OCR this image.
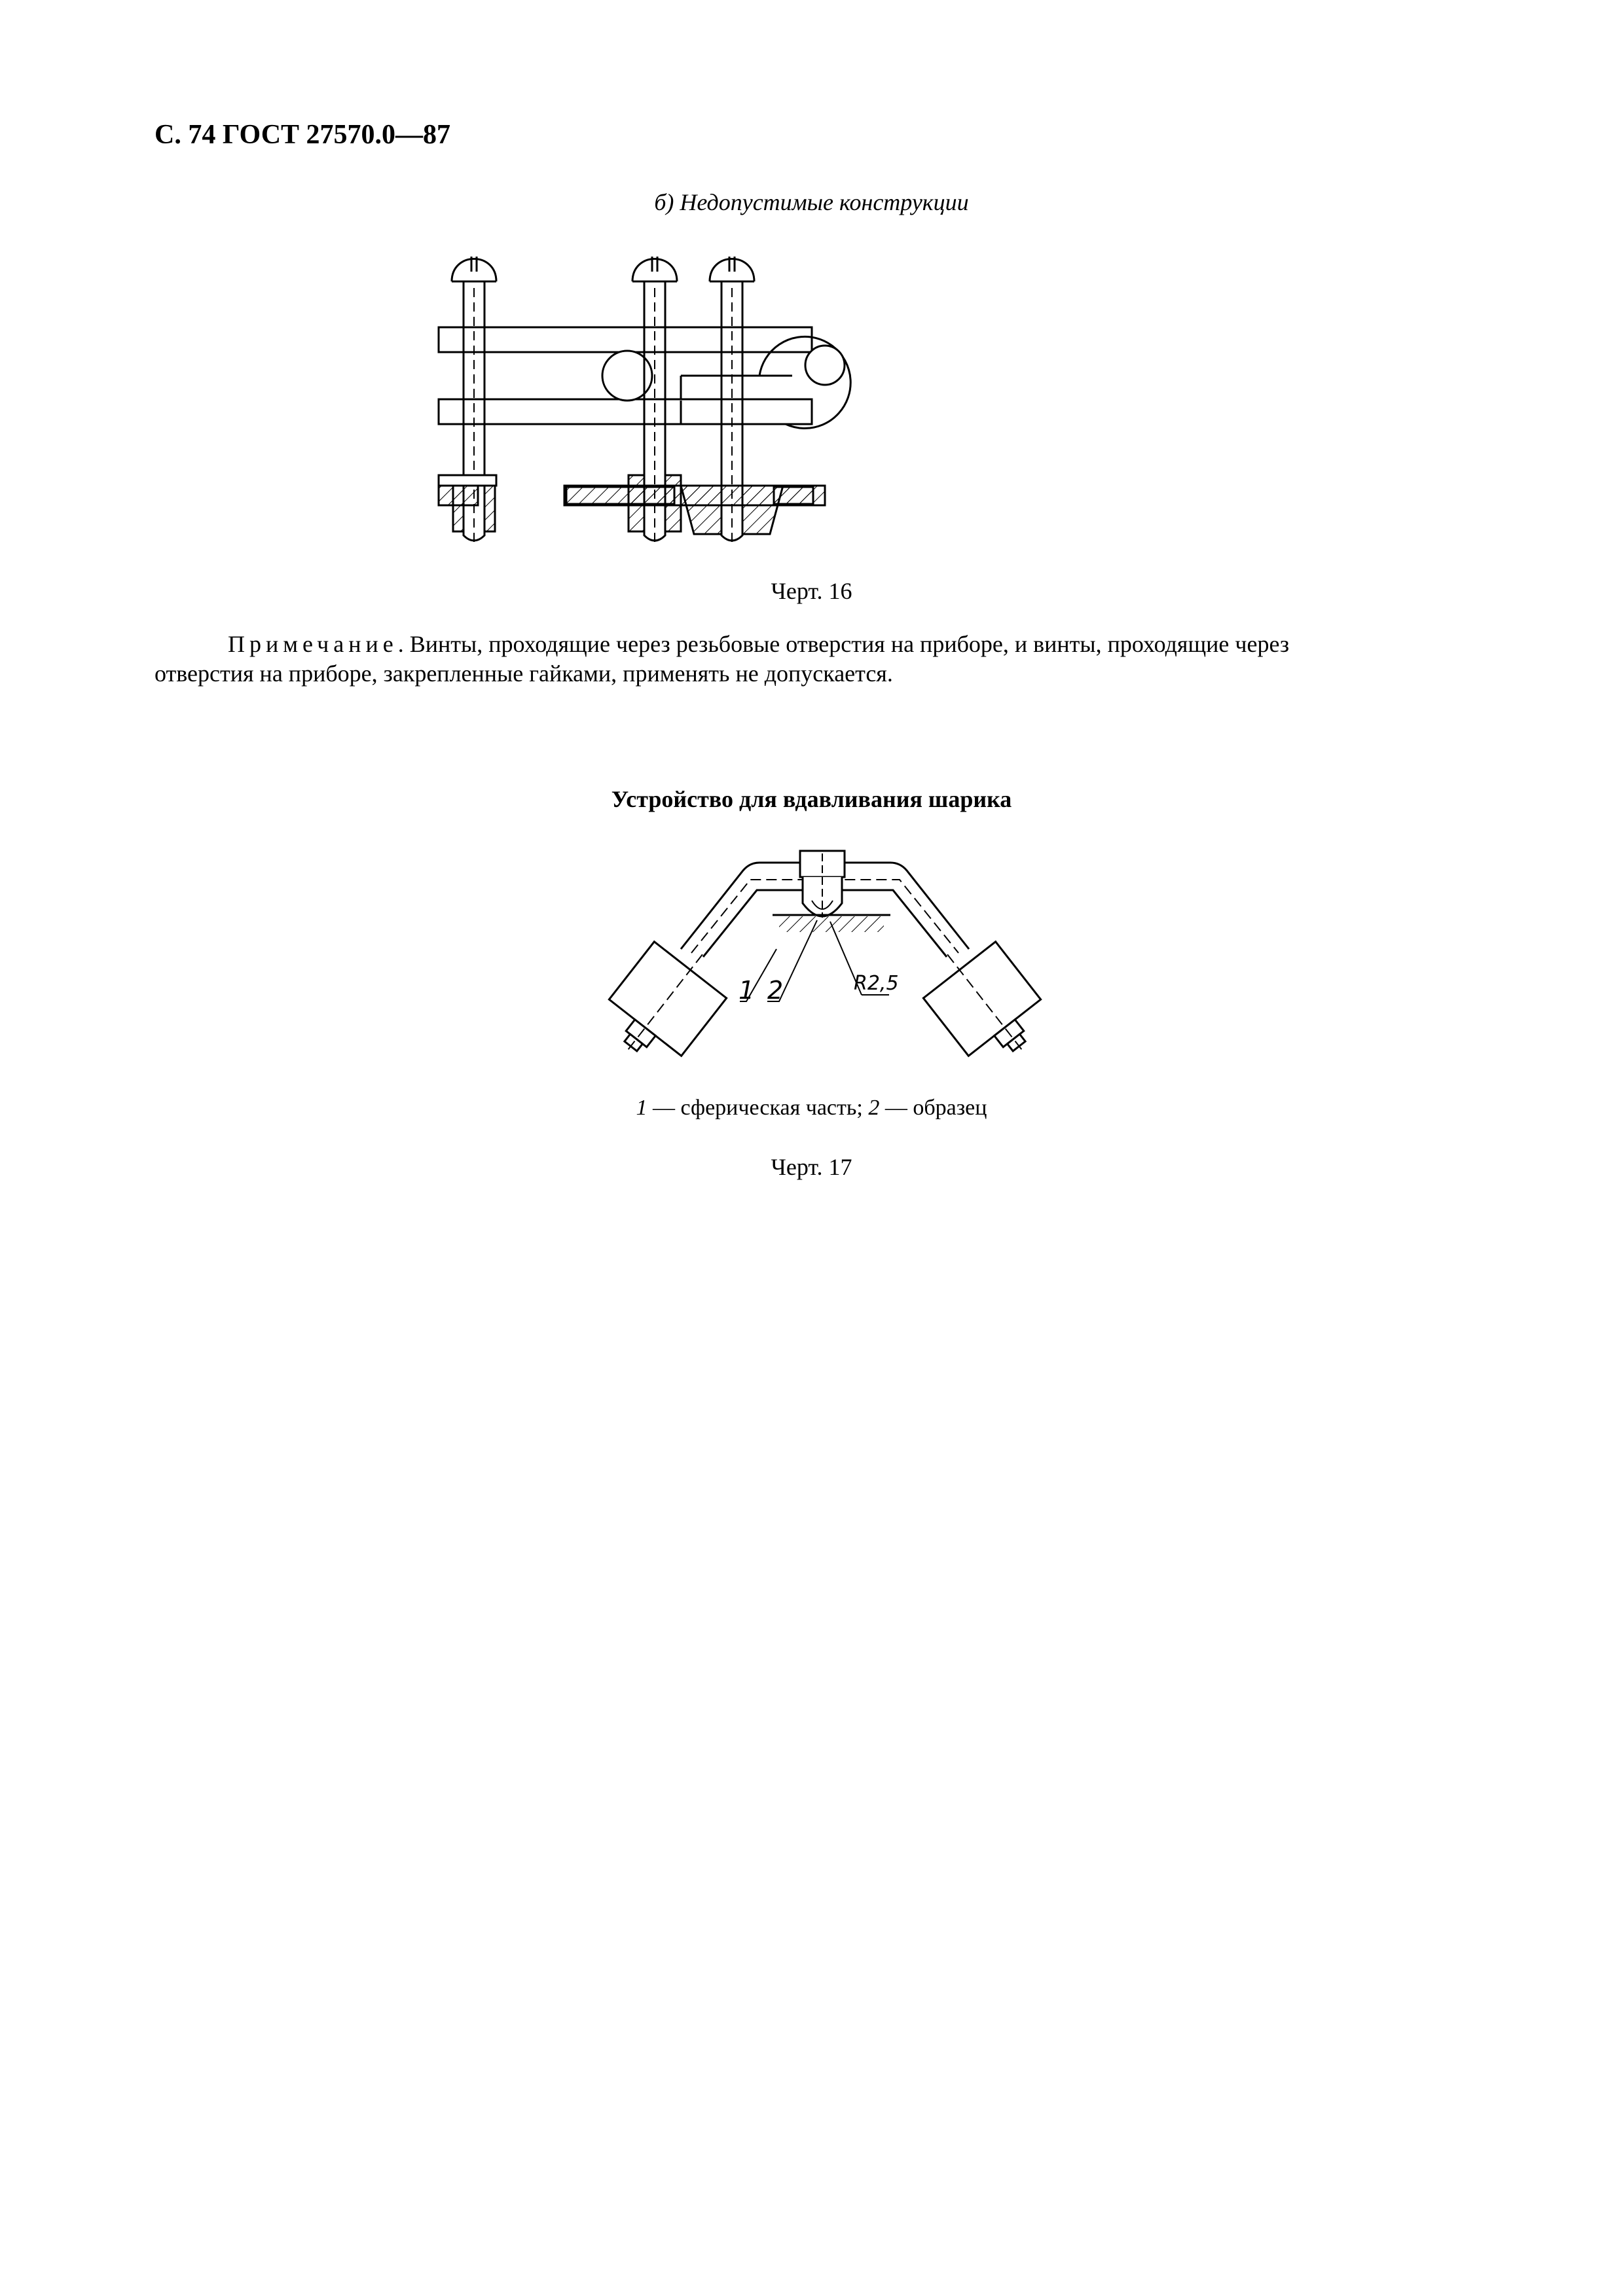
С. 74 ГОСТ 27570.0—87
б) Недопустимые конструкции
Черт. 16
Примечание. Винты, проходящие через резьбовые отверстия на приборе, и винты, проходящие через
отверстия на приборе, закрепленные гайками, применять не допускается.
Устройство для вдавливания шарика
1 2	R2,5
1 — сферическая часть; 2 — образец
Черт. 17
